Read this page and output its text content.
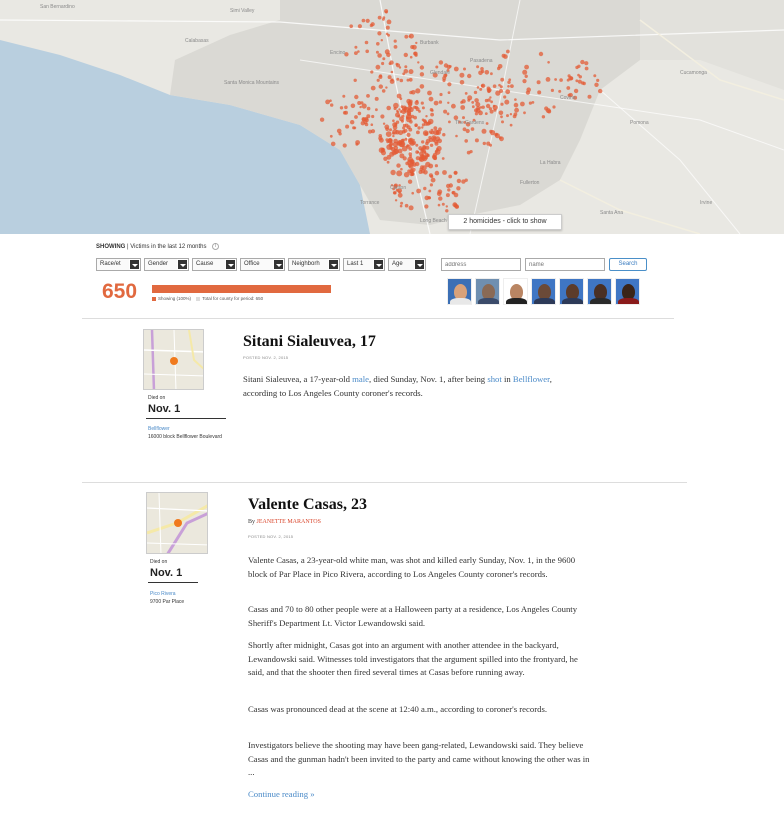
San Bernardino
Simi Valley
Santa Monica Mountains
Calabasas
Encino
Burbank
Pasadena
Glendale
Covina
Fullerton
Torrance
Long Beach
Cucamonga
Pomona
Santa Ana
Irvine
The Gardens
La Habra
Carson
2 homicides - click to show
SHOWING | Victims in the last 12 months i
Race/et	Gender	Cause	Office	Neighborh	Last 1	Age
address
name	Search
650	Showing (100%)	Total for county for period: 650
Died on
Nov. 1
Bellflower
16000 block Bellflower Boulevard
Sitani Sialeuvea, 17
POSTED NOV. 2, 2015
Sitani Sialeuvea, a 17-year-old male, died Sunday, Nov. 1, after being shot in Bellflower, according to Los Angeles County coroner's records.
Died on
Nov. 1
Pico Rivera
9700 Par Place
Valente Casas, 23
By JEANETTE MARANTOS
POSTED NOV. 2, 2015
Valente Casas, a 23-year-old white man, was shot and killed early Sunday, Nov. 1, in the 9600 block of Par Place in Pico Rivera, according to Los Angeles County coroner's records.
Casas and 70 to 80 other people were at a Halloween party at a residence, Los Angeles County Sheriff's Department Lt. Victor Lewandowski said.
Shortly after midnight, Casas got into an argument with another attendee in the backyard, Lewandowski said. Witnesses told investigators that the argument spilled into the frontyard, he said, and that the shooter then fired several times at Casas before running away.
Casas was pronounced dead at the scene at 12:40 a.m., according to coroner's records.
Investigators believe the shooting may have been gang-related, Lewandowski said. They believe Casas and the gunman hadn't been invited to the party and came without knowing the other was in ...
Continue reading »
